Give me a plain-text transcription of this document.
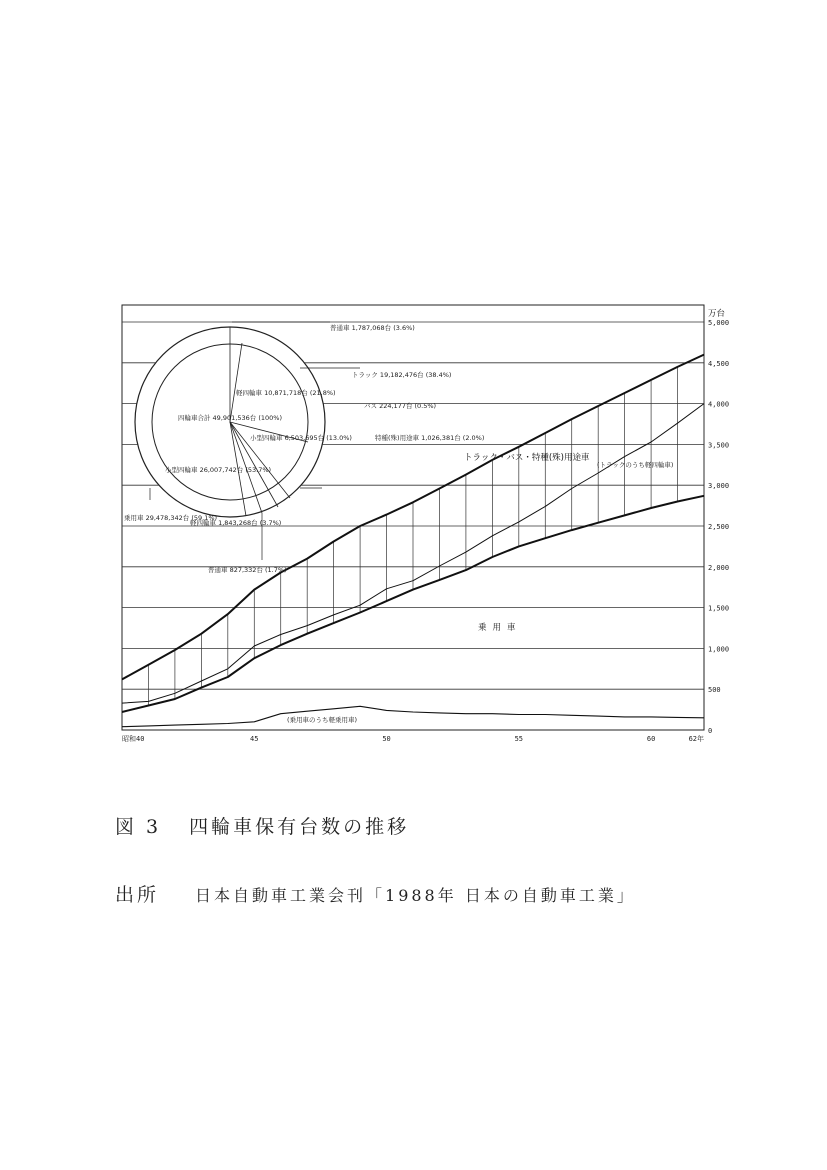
0
500
1,000
1,500
2,000
2,500
3,000
3,500
4,000
4,500
5,000
昭和40	45	50	55	60	62年
万台
トラック・バス・特種(殊)用途車
乗用車
(トラックのうち軽四輪車)
(乗用車のうち軽乗用車)
四輪車合計 49,901,536台 (100%)
普通車 1,787,068台 (3.6%)
トラック 19,182,476台 (38.4%)
バス 224,177台 (0.5%)
特種(殊)用途車 1,026,381台 (2.0%)
乗用車 29,478,342台 (59.1%)
軽四輪車 10,871,718台 (21.8%)
小型四輪車 6,503,695台 (13.0%)
小型四輪車 26,007,742台 (53.7%)
軽四輪車 1,843,268台 (3.7%)
普通車 827,332台 (1.7%)
図 3 四輪車保有台数の推移
出所 日本自動車工業会刊「1988年 日本の自動車工業」
